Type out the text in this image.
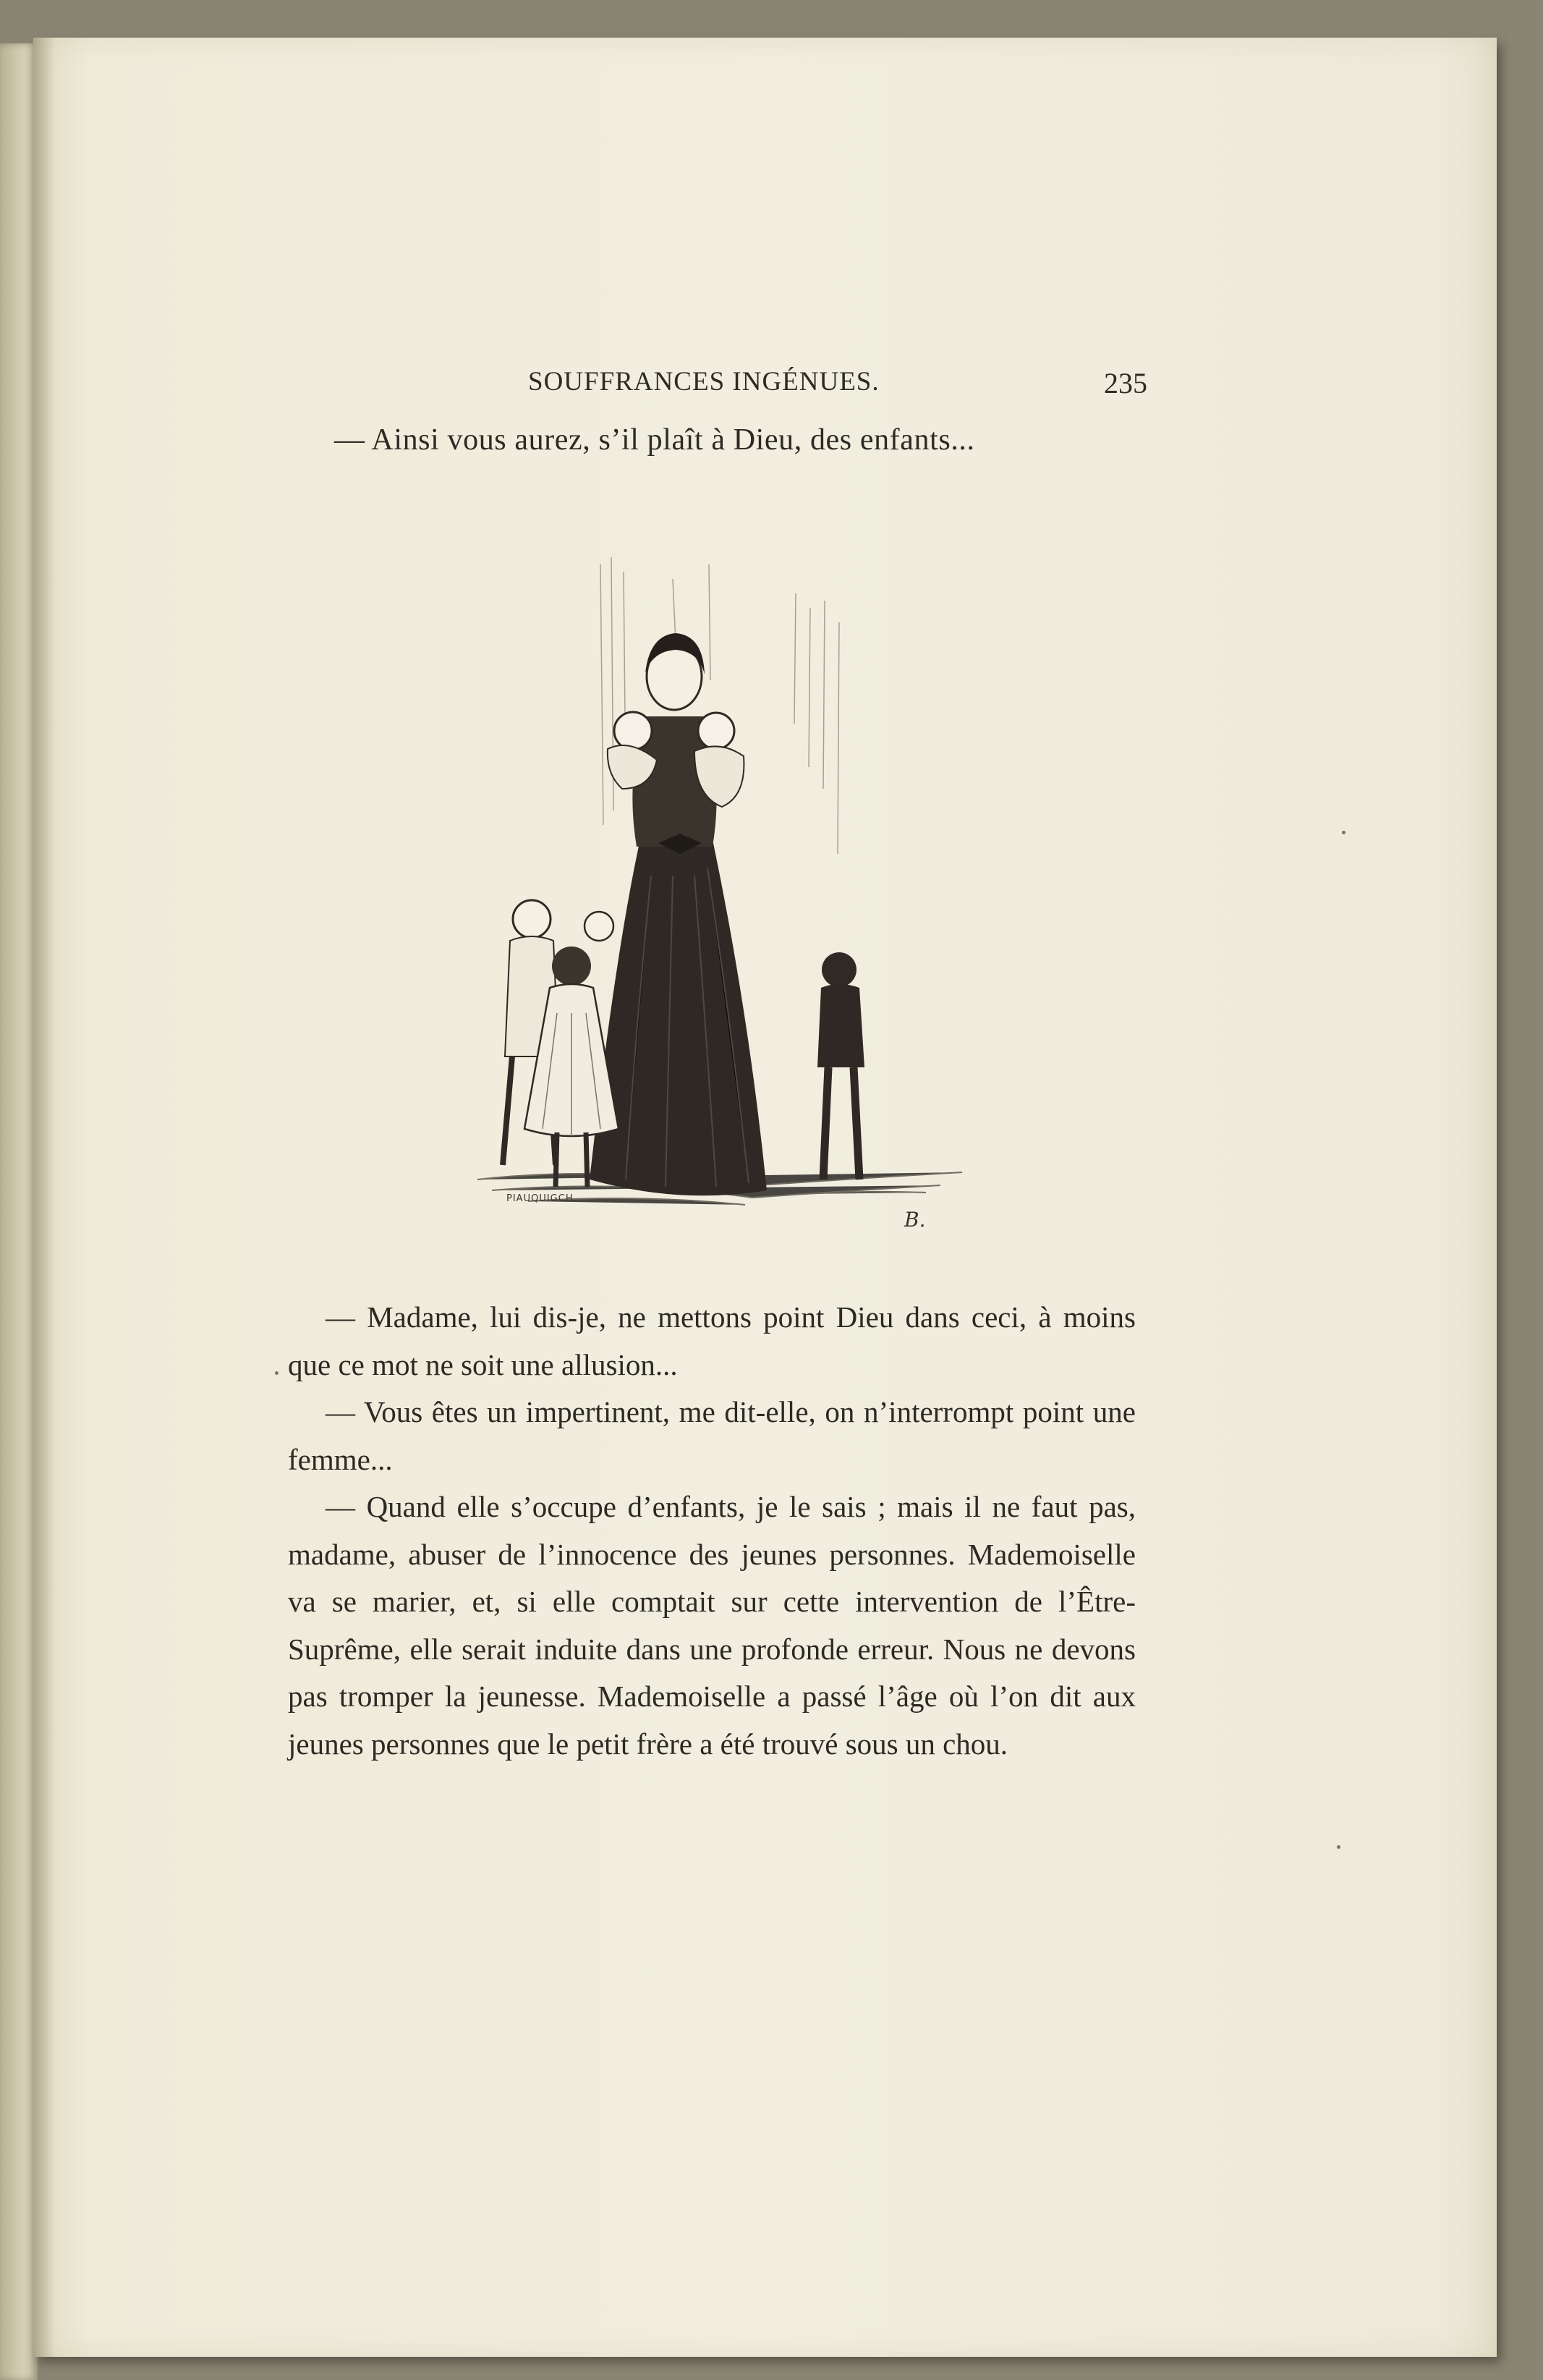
SOUFFRANCES INGÉNUES.	235
— Ainsi vous aurez, s’il plaît à Dieu, des enfants...
PIAUQUIGCH
B.

— Madame, lui dis-je, ne mettons point Dieu dans ceci, à moins que ce mot ne soit une allusion...

— Vous êtes un impertinent, me dit-elle, on n’interrompt point une femme...

— Quand elle s’occupe d’enfants, je le sais ; mais il ne faut pas, madame, abuser de l’innocence des jeunes personnes. Mademoiselle va se marier, et, si elle comptait sur cette intervention de l’Être-Suprême, elle serait induite dans une profonde erreur. Nous ne devons pas tromper la jeunesse. Mademoiselle a passé l’âge où l’on dit aux jeunes personnes que le petit frère a été trouvé sous un chou.
